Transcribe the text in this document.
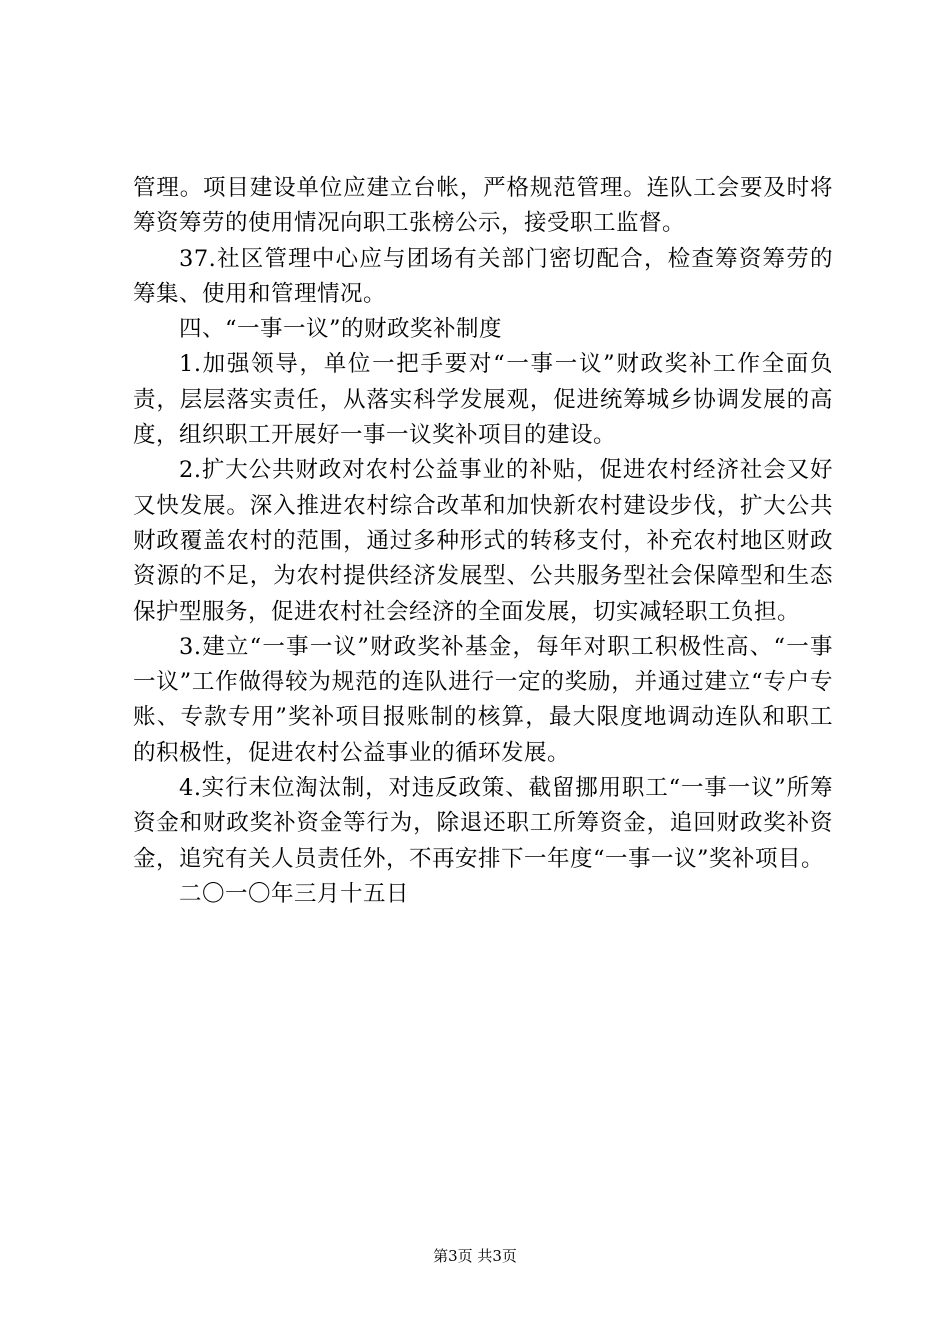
管理。项目建设单位应建立台帐，严格规范管理。连队工会要及时将筹资筹劳的使用情况向职工张榜公示，接受职工监督。

37.社区管理中心应与团场有关部门密切配合，检查筹资筹劳的筹集、使用和管理情况。

四、“一事一议”的财政奖补制度

1.加强领导，单位一把手要对“一事一议”财政奖补工作全面负责，层层落实责任，从落实科学发展观，促进统筹城乡协调发展的高度，组织职工开展好一事一议奖补项目的建设。

2.扩大公共财政对农村公益事业的补贴，促进农村经济社会又好又快发展。深入推进农村综合改革和加快新农村建设步伐，扩大公共财政覆盖农村的范围，通过多种形式的转移支付，补充农村地区财政资源的不足，为农村提供经济发展型、公共服务型社会保障型和生态保护型服务，促进农村社会经济的全面发展，切实减轻职工负担。

3.建立“一事一议”财政奖补基金，每年对职工积极性高、“一事一议”工作做得较为规范的连队进行一定的奖励，并通过建立“专户专账、专款专用”奖补项目报账制的核算，最大限度地调动连队和职工的积极性，促进农村公益事业的循环发展。

4.实行末位淘汰制，对违反政策、截留挪用职工“一事一议”所筹资金和财政奖补资金等行为，除退还职工所筹资金，追回财政奖补资金，追究有关人员责任外，不再安排下一年度“一事一议”奖补项目。

二〇一〇年三月十五日

第3页 共3页
